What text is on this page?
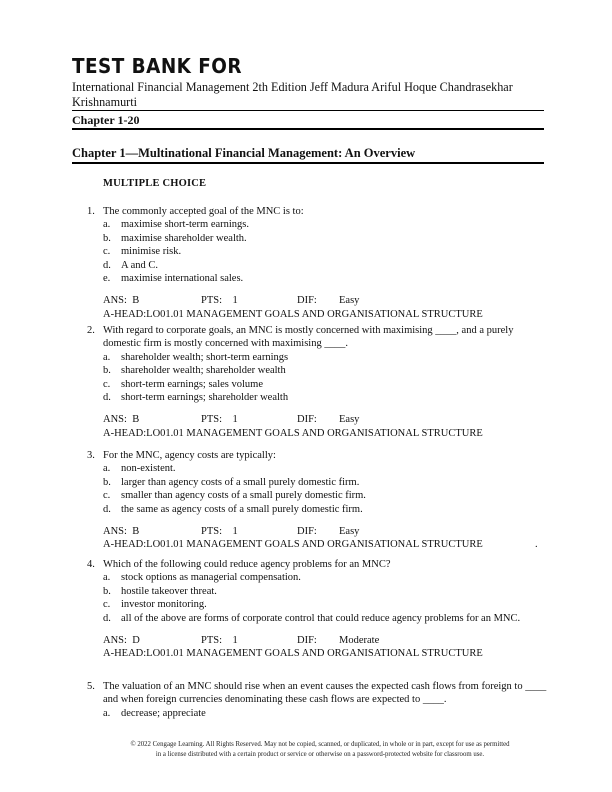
TEST BANK FOR
International Financial Management 2th Edition Jeff Madura Ariful Hoque Chandrasekhar Krishnamurti
Chapter 1-20
Chapter 1—Multinational Financial Management: An Overview
MULTIPLE CHOICE
1. The commonly accepted goal of the MNC is to:
a.	maximise short-term earnings.
b. maximise shareholder wealth.
c.	minimise risk.
d. A and C.
e.	maximise international sales.
ANS: B	PTS: 1	DIF:	Easy
A-HEAD:LO01.01 MANAGEMENT GOALS AND ORGANISATIONAL STRUCTURE
2. With regard to corporate goals, an MNC is mostly concerned with maximising ____, and a purely domestic firm is mostly concerned with maximising ____.
a.	shareholder wealth; short-term earnings
b. shareholder wealth; shareholder wealth
c.	short-term earnings; sales volume
d. short-term earnings; shareholder wealth
ANS: B	PTS: 1	DIF:	Easy
A-HEAD:LO01.01 MANAGEMENT GOALS AND ORGANISATIONAL STRUCTURE
3. For the MNC, agency costs are typically:
a.	non-existent.
b. larger than agency costs of a small purely domestic firm.
c.	smaller than agency costs of a small purely domestic firm.
d. the same as agency costs of a small purely domestic firm.
ANS: B	PTS: 1	DIF:	Easy
A-HEAD:LO01.01 MANAGEMENT GOALS AND ORGANISATIONAL STRUCTURE	.
4. Which of the following could reduce agency problems for an MNC?
a.	stock options as managerial compensation.
b. hostile takeover threat.
c.	investor monitoring.
d. all of the above are forms of corporate control that could reduce agency problems for an MNC.
ANS: D	PTS: 1	DIF:	Moderate
A-HEAD:LO01.01 MANAGEMENT GOALS AND ORGANISATIONAL STRUCTURE
5. The valuation of an MNC should rise when an event causes the expected cash flows from foreign to ____ and when foreign currencies denominating these cash flows are expected to ____.
a.	decrease; appreciate
© 2022 Cengage Learning. All Rights Reserved. May not be copied, scanned, or duplicated, in whole or in part, except for use as permitted
in a license distributed with a certain product or service or otherwise on a password-protected website for classroom use.
